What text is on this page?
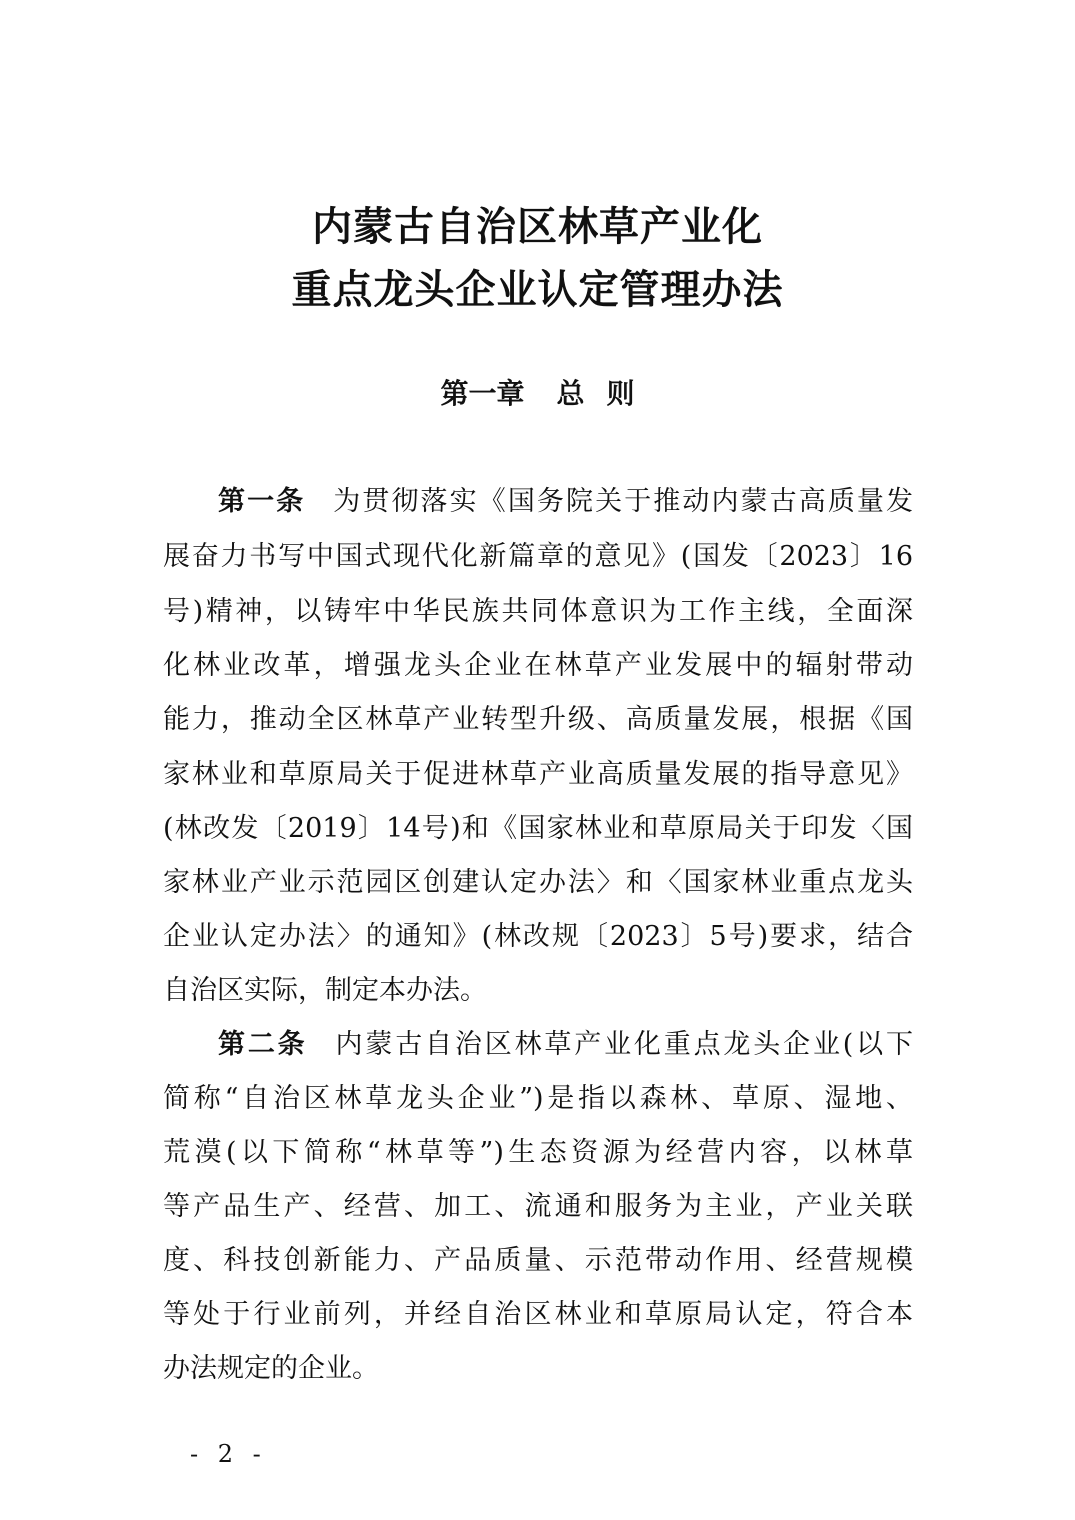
内蒙古自治区林草产业化
重点龙头企业认定管理办法
第一章 总 则
第一条 为贯彻落实《国务院关于推动内蒙古高质量发
展奋力书写中国式现代化新篇章的意见》(国发〔2023〕16
号)精神，以铸牢中华民族共同体意识为工作主线，全面深
化林业改革，增强龙头企业在林草产业发展中的辐射带动
能力，推动全区林草产业转型升级、高质量发展，根据《国
家林业和草原局关于促进林草产业高质量发展的指导意见》
(林改发〔2019〕14号)和《国家林业和草原局关于印发〈国
家林业产业示范园区创建认定办法〉和〈国家林业重点龙头
企业认定办法〉的通知》(林改规〔2023〕5号)要求，结合
自治区实际，制定本办法。
第二条 内蒙古自治区林草产业化重点龙头企业(以下
简称“自治区林草龙头企业”)是指以森林、草原、湿地、
荒漠(以下简称“林草等”)生态资源为经营内容，以林草
等产品生产、经营、加工、流通和服务为主业，产业关联
度、科技创新能力、产品质量、示范带动作用、经营规模
等处于行业前列，并经自治区林业和草原局认定，符合本
办法规定的企业。
- 2 -
